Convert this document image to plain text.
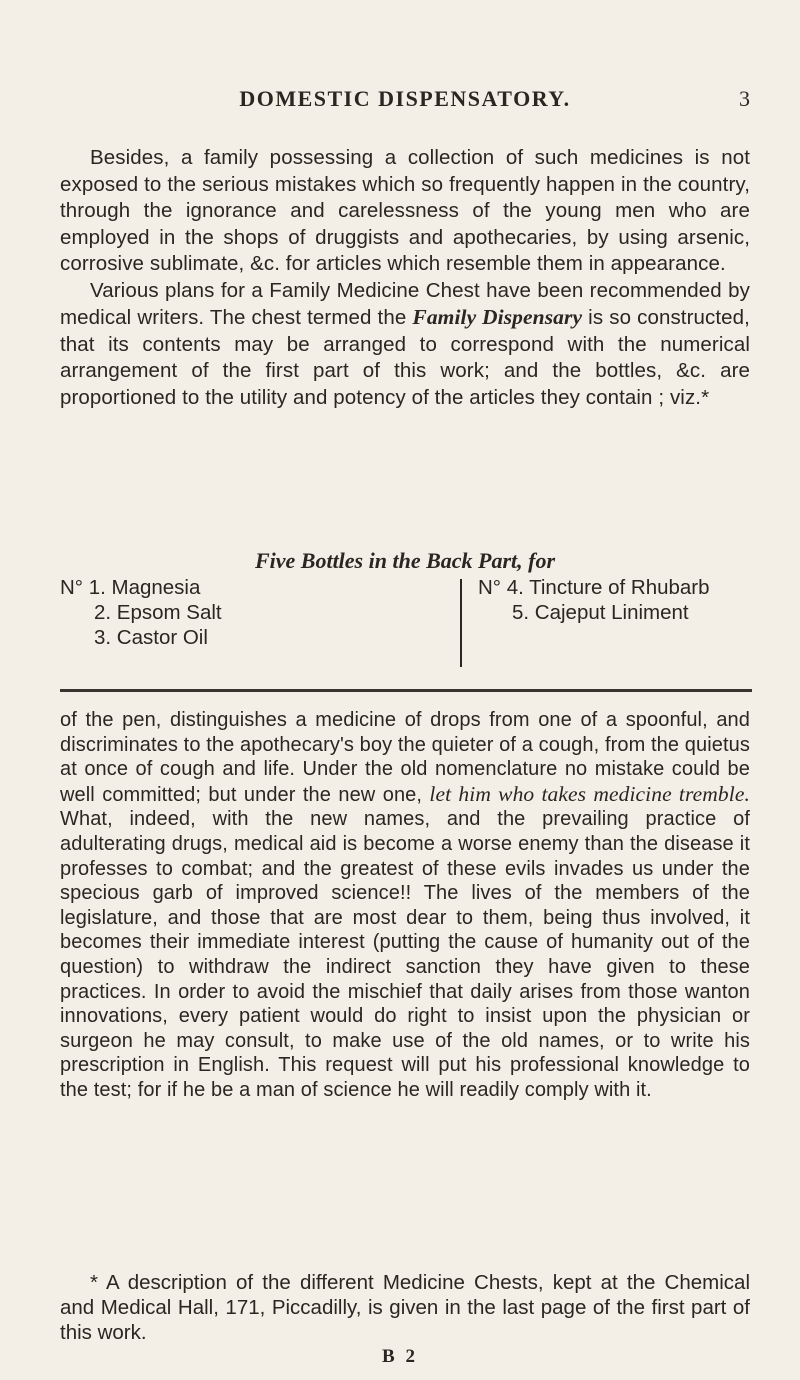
DOMESTIC DISPENSATORY.	3

Besides, a family possessing a collection of such medicines is not exposed to the serious mistakes which so frequently happen in the country, through the ignorance and carelessness of the young men who are employed in the shops of druggists and apothecaries, by using arsenic, corrosive sublimate, &c. for articles which resemble them in appearance.

Various plans for a Family Medicine Chest have been recommended by medical writers. The chest termed the Family Dispensary is so constructed, that its contents may be arranged to correspond with the numerical arrangement of the first part of this work; and the bottles, &c. are proportioned to the utility and potency of the articles they contain ; viz.*

Five Bottles in the Back Part, for
N° 1. Magnesia
2. Epsom Salt
3. Castor Oil
N° 4. Tincture of Rhubarb
5. Cajeput Liniment

of the pen, distinguishes a medicine of drops from one of a spoonful, and discriminates to the apothecary's boy the quieter of a cough, from the quietus at once of cough and life. Under the old nomenclature no mistake could be well committed; but under the new one, let him who takes medicine tremble. What, indeed, with the new names, and the prevailing practice of adulterating drugs, medical aid is become a worse enemy than the disease it professes to combat; and the greatest of these evils invades us under the specious garb of improved science!! The lives of the members of the legislature, and those that are most dear to them, being thus involved, it becomes their immediate interest (putting the cause of humanity out of the question) to withdraw the indirect sanction they have given to these practices. In order to avoid the mischief that daily arises from those wanton innovations, every patient would do right to insist upon the physician or surgeon he may consult, to make use of the old names, or to write his prescription in English. This request will put his professional knowledge to the test; for if he be a man of science he will readily comply with it.

* A description of the different Medicine Chests, kept at the Chemical and Medical Hall, 171, Piccadilly, is given in the last page of the first part of this work.

B 2
